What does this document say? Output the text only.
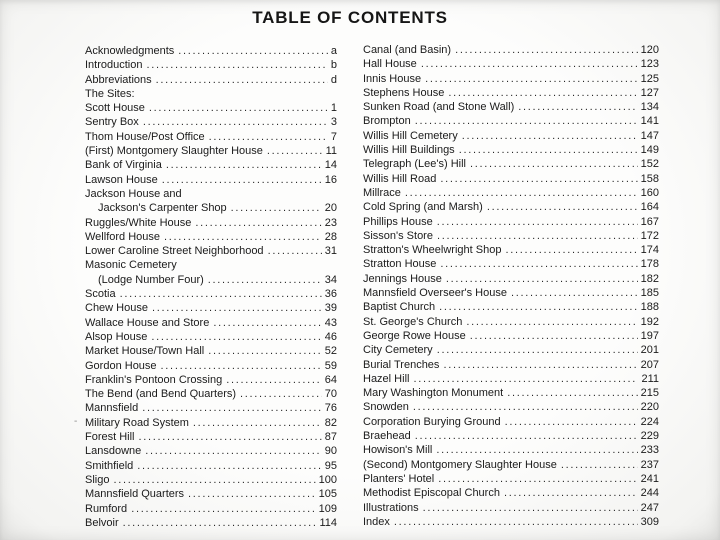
TABLE OF CONTENTS
Acknowledgments .....	a
Introduction .....	b
Abbreviations .....	d
The Sites:
Scott House .....	1
Sentry Box .....	3
Thom House/Post Office .....	7
(First) Montgomery Slaughter House .....	11
Bank of Virginia .....	14
Lawson House .....	16
Jackson House and
Jackson's Carpenter Shop .....	20
Ruggles/White House .....	23
Wellford House .....	28
Lower Caroline Street Neighborhood .....	31
Masonic Cemetery
(Lodge Number Four) .....	34
Scotia .....	36
Chew House .....	39
Wallace House and Store .....	43
Alsop House .....	46
Market House/Town Hall .....	52
Gordon House .....	59
Franklin's Pontoon Crossing .....	64
The Bend (and Bend Quarters) .....	70
Mannsfield .....	76
- Military Road System .....	82
Forest Hill .....	87
Lansdowne .....	90
Smithfield .....	95
Sligo .....	100
Mannsfield Quarters .....	105
Rumford .....	109
Belvoir .....	114
Canal (and Basin) .....	120
Hall House .....	123
Innis House .....	125
Stephens House .....	127
Sunken Road (and Stone Wall) .....	134
Brompton .....	141
Willis Hill Cemetery .....	147
Willis Hill Buildings .....	149
Telegraph (Lee's) Hill .....	152
Willis Hill Road .....	158
Millrace .....	160
Cold Spring (and Marsh) .....	164
Phillips House .....	167
Sisson's Store .....	172
Stratton's Wheelwright Shop .....	174
Stratton House .....	178
Jennings House .....	182
Mannsfield Overseer's House .....	185
Baptist Church .....	188
St. George's Church .....	192
George Rowe House .....	197
City Cemetery .....	201
Burial Trenches .....	207
Hazel Hill .....	211
Mary Washington Monument .....	215
Snowden .....	220
Corporation Burying Ground .....	224
Braehead .....	229
Howison's Mill .....	233
(Second) Montgomery Slaughter House .....	237
Planters' Hotel .....	241
Methodist Episcopal Church .....	244
Illustrations .....	247
Index .....	309
